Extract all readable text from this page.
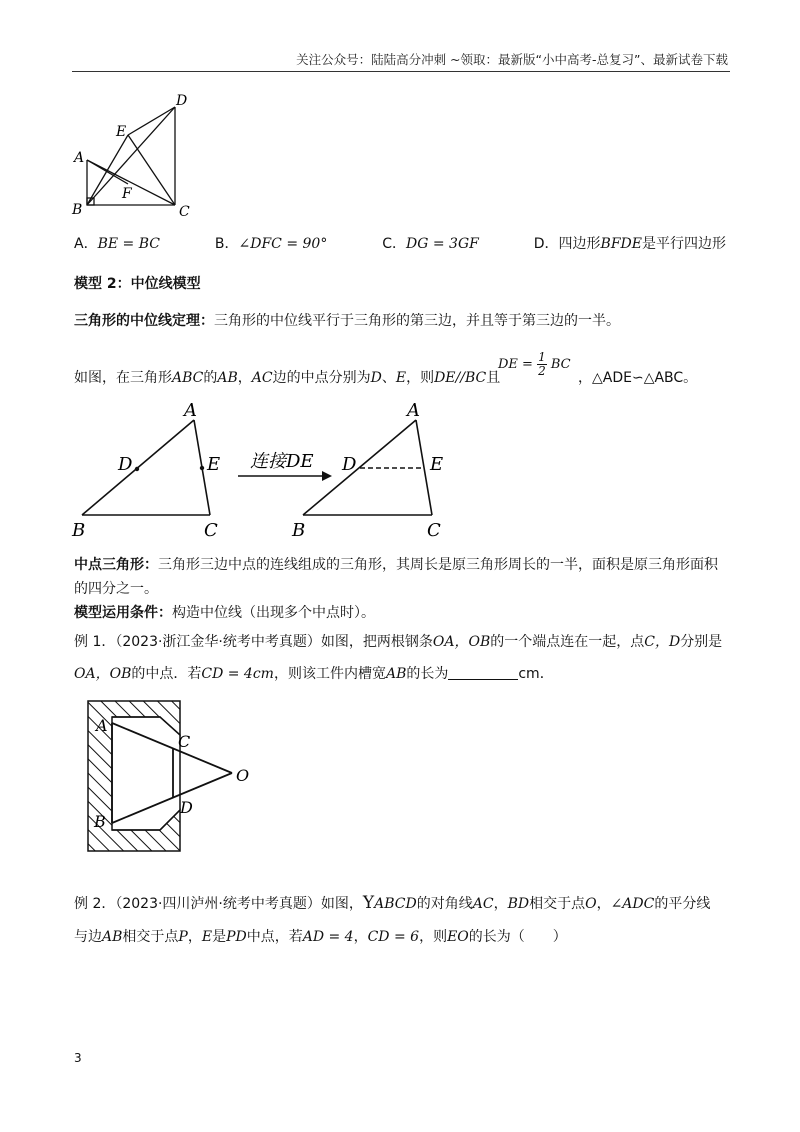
关注公众号：陆陆高分冲刺 ~领取：最新版“小中高考-总复习”、最新试卷下载
D
E
A
F
B	C
A．BE = BC	B．∠DFC = 90°	C．DG = 3GF	D．四边形BFDE是平行四边形
模型 2：中位线模型
三角形的中位线定理：三角形的中位线平行于三角形的第三边，并且等于第三边的一半。
如图，在三角形ABC的AB，AC边的中点分别为D、E，则DE//BC且
DE = $\frac{1}{2}$ BC
，△ADE∽△ABC。
A
D	E
B	C
连接DE
A
D	E
B	C
中点三角形：三角形三边中点的连线组成的三角形，其周长是原三角形周长的一半，面积是原三角形面积
的四分之一。
模型运用条件：构造中位线（出现多个中点时）。
例 1．（2023·浙江金华·统考中考真题）如图，把两根钢条OA，OB的一个端点连在一起，点C，D分别是
OA，OB的中点．若CD = 4cm，则该工件内槽宽AB的长为	cm．
A
C
O
B
D
例 2．（2023·四川泸州·统考中考真题）如图，YABCD的对角线AC，BD相交于点O，∠ADC的平分线
与边AB相交于点P，E是PD中点，若AD = 4，CD = 6，则EO的长为（　　）
3
